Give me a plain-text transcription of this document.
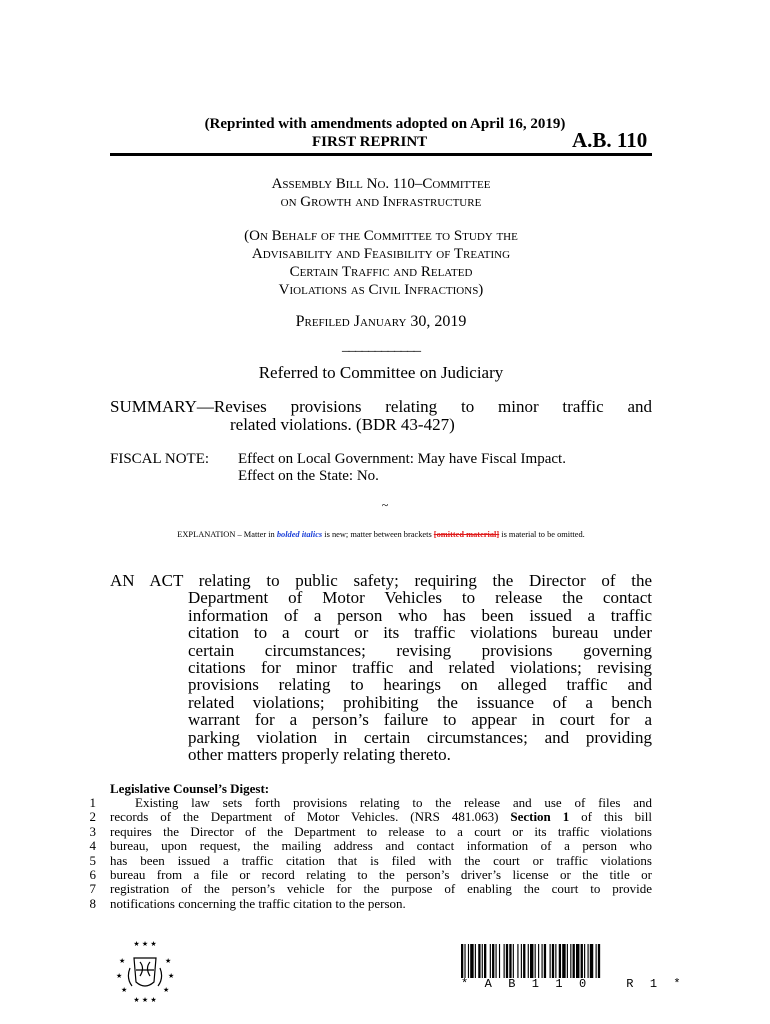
(Reprinted with amendments adopted on April 16, 2019)
FIRST REPRINT	A.B. 110
Assembly Bill No. 110–Committee
on Growth and Infrastructure
(On Behalf of the Committee to Study the
Advisability and Feasibility of Treating
Certain Traffic and Related
Violations as Civil Infractions)
Prefiled January 30, 2019
____________
Referred to Committee on Judiciary
SUMMARY—Revises provisions relating to minor traffic and
related violations. (BDR 43-427)
FISCAL NOTE: Effect on Local Government: May have Fiscal Impact.
Effect on the State: No.
~
EXPLANATION – Matter in bolded italics is new; matter between brackets [omitted material] is material to be omitted.
AN ACT relating to public safety; requiring the Director of the
Department of Motor Vehicles to release the contact
information of a person who has been issued a traffic
citation to a court or its traffic violations bureau under
certain circumstances; revising provisions governing
citations for minor traffic and related violations; revising
provisions relating to hearings on alleged traffic and
related violations; prohibiting the issuance of a bench
warrant for a person’s failure to appear in court for a
parking violation in certain circumstances; and providing
other matters properly relating thereto.
Legislative Counsel’s Digest:
1
2
3
4
5
6
7
8
Existing law sets forth provisions relating to the release and use of files and
records of the Department of Motor Vehicles. (NRS 481.063) Section 1 of this bill
requires the Director of the Department to release to a court or its traffic violations
bureau, upon request, the mailing address and contact information of a person who
has been issued a traffic citation that is filed with the court or traffic violations
bureau from a file or record relating to the person’s driver’s license or the title or
registration of the person’s vehicle for the purpose of enabling the court to provide
notifications concerning the traffic citation to the person.
★ ★ ★
★	★
★	★
★	★
★ ★ ★
* A B 1 1 0   R 1 *
